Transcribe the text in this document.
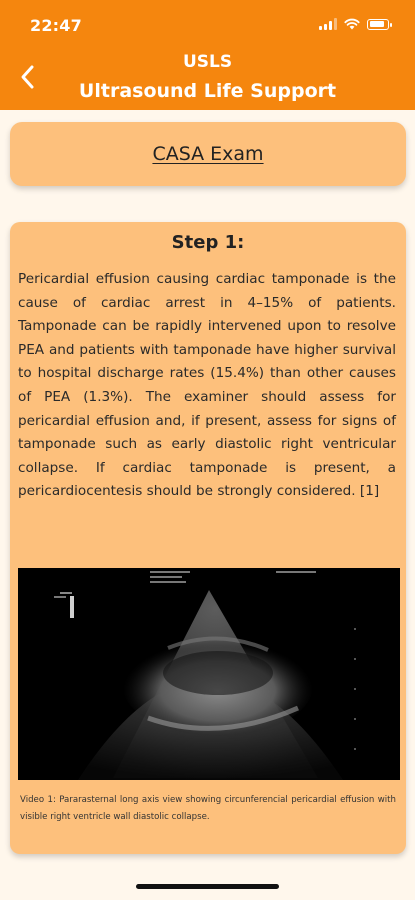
22:47
USLS
Ultrasound Life Support
CASA Exam
Step 1:
Pericardial effusion causing cardiac tamponade is the cause of cardiac arrest in 4–15% of patients. Tamponade can be rapidly intervened upon to resolve PEA and patients with tamponade have higher survival to hospital discharge rates (15.4%) than other causes of PEA (1.3%). The examiner should assess for pericardial effusion and, if present, assess for signs of tamponade such as early diastolic right ventricular collapse. If cardiac tamponade is present, a pericardiocentesis should be strongly considered. [1]
Video 1: Pararasternal long axis view showing circunferencial pericardial effusion with visible right ventricle wall diastolic collapse.
